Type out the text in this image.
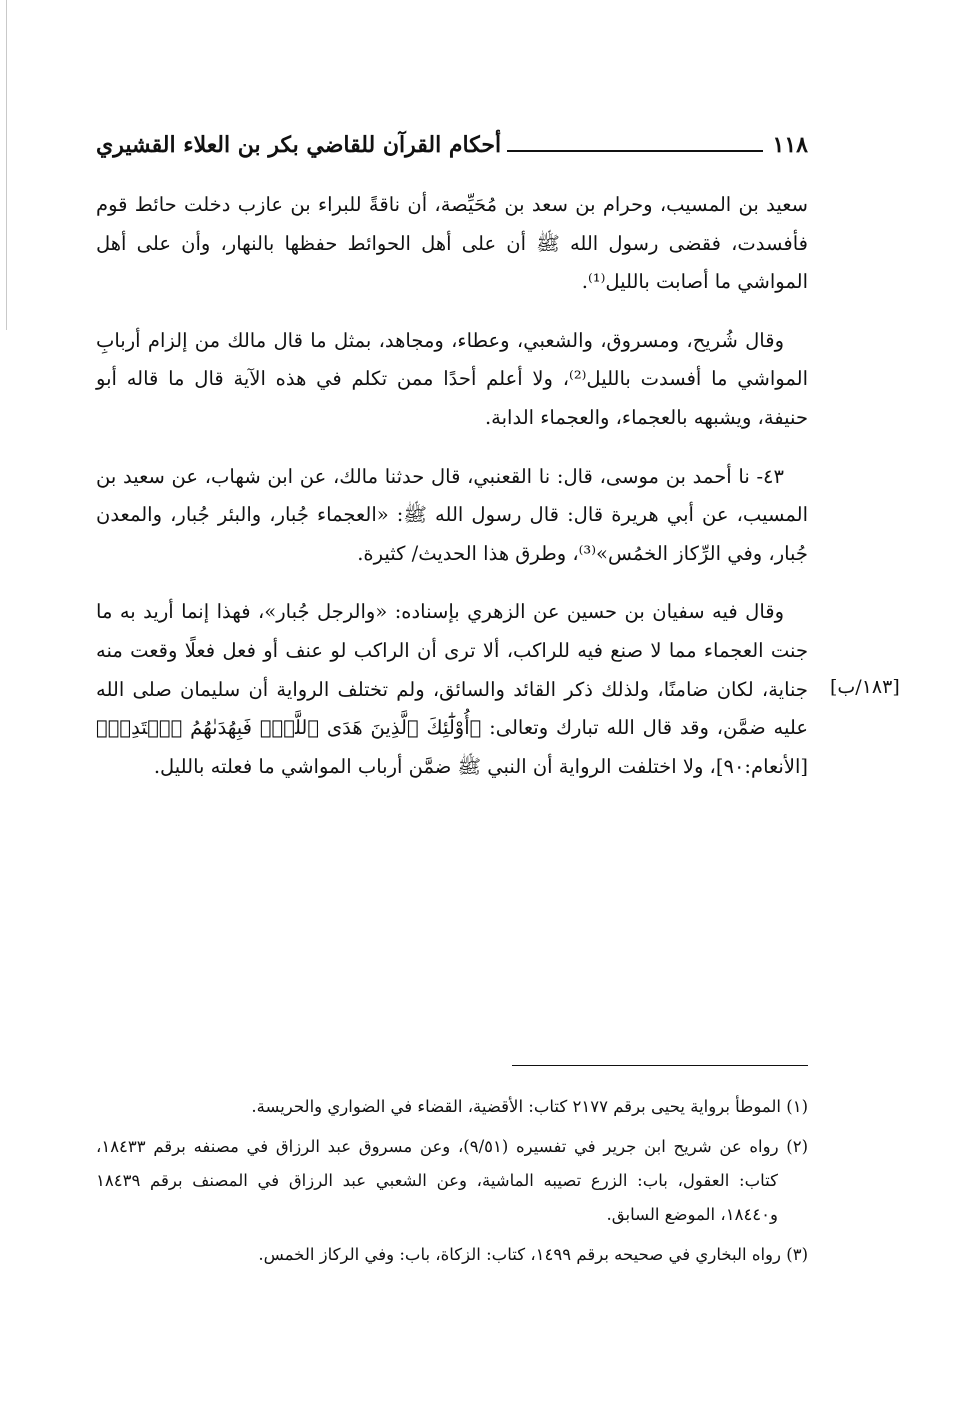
١١٨
أحكام القرآن للقاضي بكر بن العلاء القشيري

سعيد بن المسيب، وحرام بن سعد بن مُحَيِّصة، أن ناقةً للبراء بن عازب دخلت حائط قوم فأفسدت، فقضى رسول الله ﷺ أن على أهل الحوائط حفظها بالنهار، وأن على أهل المواشي ما أصابت بالليل⁽¹⁾.

وقال شُريح، ومسروق، والشعبي، وعطاء، ومجاهد، بمثل ما قال مالك من إلزام أربابِ المواشي ما أفسدت بالليل⁽²⁾، ولا أعلم أحدًا ممن تكلم في هذه الآية قال ما قاله أبو حنيفة، ويشبهه بالعجماء، والعجماء الدابة.

٤٣- نا أحمد بن موسى، قال: نا القعنبي، قال حدثنا مالك، عن ابن شهاب، عن سعيد بن المسيب، عن أبي هريرة قال: قال رسول الله ﷺ: «العجماء جُبار، والبئر جُبار، والمعدن جُبار، وفي الرِّكاز الخمُس»⁽³⁾، وطرق هذا الحديث/ كثيرة.

وقال فيه سفيان بن حسين عن الزهري بإسناده: «والرجل جُبار»، فهذا إنما أريد به ما جنت العجماء مما لا صنع فيه للراكب، ألا ترى أن الراكب لو عنف أو فعل فعلًا وقعت منه جناية، لكان ضامنًا، ولذلك ذكر القائد والسائق، ولم تختلف الرواية أن سليمان صلى الله عليه ضمَّن، وقد قال الله تبارك وتعالى: ﴿أُوْلَٰٓئِكَ ٱلَّذِينَ هَدَى ٱللَّهُۖ فَبِهُدَىٰهُمُ ٱقۡتَدِهۡ﴾ [الأنعام:٩٠]، ولا اختلفت الرواية أن النبي ﷺ ضمَّن أرباب المواشي ما فعلته بالليل.

[١٨٣/ب]

(١) الموطأ برواية يحيى برقم ٢١٧٧ كتاب: الأقضية، القضاء في الضواري والحريسة.

(٢) رواه عن شريح ابن جرير في تفسيره (٩/٥١)، وعن مسروق عبد الرزاق في مصنفه برقم ١٨٤٣٣، كتاب: العقول، باب: الزرع تصيبه الماشية، وعن الشعبي عبد الرزاق في المصنف برقم ١٨٤٣٩ و١٨٤٤٠، الموضع السابق.

(٣) رواه البخاري في صحيحه برقم ١٤٩٩، كتاب: الزكاة، باب: وفي الركاز الخمس.
